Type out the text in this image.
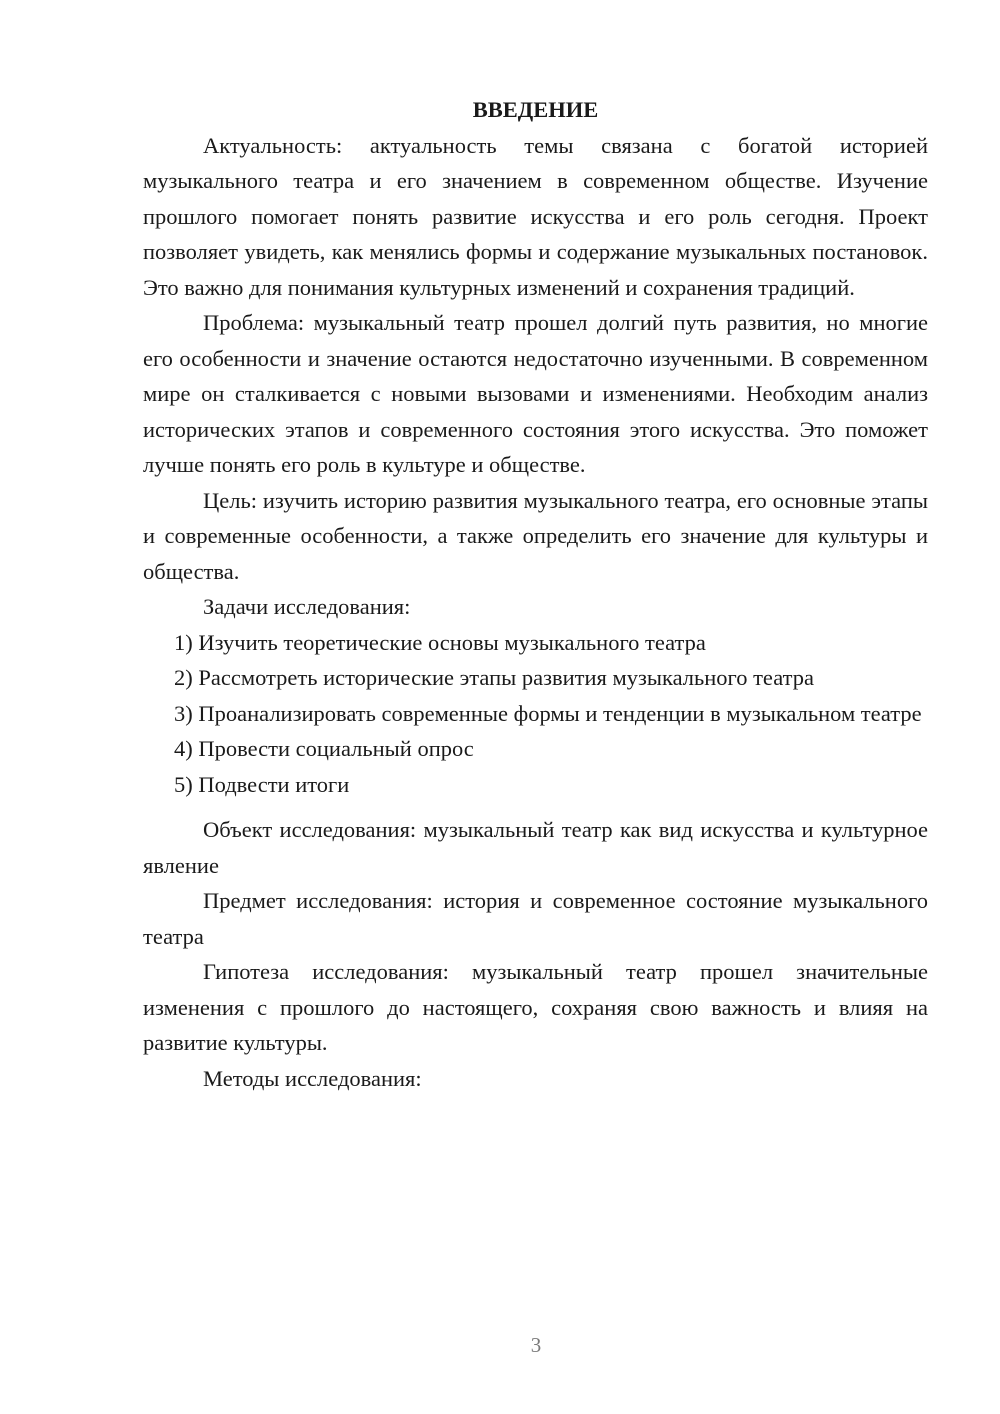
ВВЕДЕНИЕ

Актуальность: актуальность темы связана с богатой историей музыкального театра и его значением в современном обществе. Изучение прошлого помогает понять развитие искусства и его роль сегодня. Проект позволяет увидеть, как менялись формы и содержание музыкальных постановок. Это важно для понимания культурных изменений и сохранения традиций.

Проблема: музыкальный театр прошел долгий путь развития, но многие его особенности и значение остаются недостаточно изученными. В современном мире он сталкивается с новыми вызовами и изменениями. Необходим анализ исторических этапов и современного состояния этого искусства. Это поможет лучше понять его роль в культуре и обществе.

Цель: изучить историю развития музыкального театра, его основные этапы и современные особенности, а также определить его значение для культуры и общества.

Задачи исследования:

1) Изучить теоретические основы музыкального театра

2) Рассмотреть исторические этапы развития музыкального театра

3) Проанализировать современные формы и тенденции в музыкальном театре

4) Провести социальный опрос

5) Подвести итоги

Объект исследования: музыкальный театр как вид искусства и культурное явление

Предмет исследования: история и современное состояние музыкального театра

Гипотеза исследования: музыкальный театр прошел значительные изменения с прошлого до настоящего, сохраняя свою важность и влияя на развитие культуры.

Методы исследования:

3
